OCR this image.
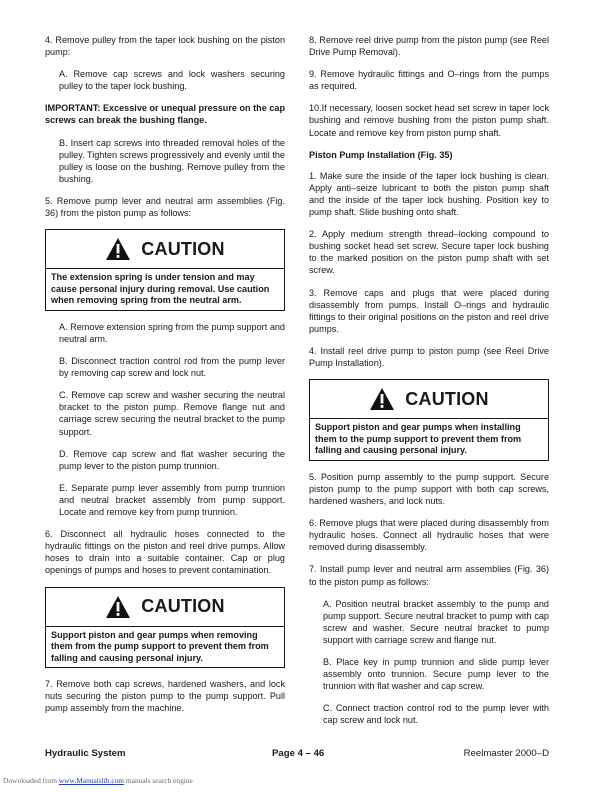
4. Remove pulley from the taper lock bushing on the piston pump:

A. Remove cap screws and lock washers securing pulley to the taper lock bushing.

IMPORTANT: Excessive or unequal pressure on the cap screws can break the bushing flange.

B. Insert cap screws into threaded removal holes of the pulley. Tighten screws progressively and evenly until the pulley is loose on the bushing. Remove pulley from the bushing.

5. Remove pump lever and neutral arm assemblies (Fig. 36) from the piston pump as follows:

CAUTION
The extension spring is under tension and may cause personal injury during removal. Use caution when removing spring from the neutral arm.

A. Remove extension spring from the pump support and neutral arm.

B. Disconnect traction control rod from the pump lever by removing cap screw and lock nut.

C. Remove cap screw and washer securing the neutral bracket to the piston pump. Remove flange nut and carriage screw securing the neutral bracket to the pump support.

D. Remove cap screw and flat washer securing the pump lever to the piston pump trunnion.

E. Separate pump lever assembly from pump trunnion and neutral bracket assembly from pump support. Locate and remove key from pump trunnion.

6. Disconnect all hydraulic hoses connected to the hydraulic fittings on the piston and reel drive pumps. Allow hoses to drain into a suitable container. Cap or plug openings of pumps and hoses to prevent contamination.

CAUTION
Support piston and gear pumps when removing them from the pump support to prevent them from falling and causing personal injury.

7. Remove both cap screws, hardened washers, and lock nuts securing the piston pump to the pump support. Pull pump assembly from the machine.

8. Remove reel drive pump from the piston pump (see Reel Drive Pump Removal).

9. Remove hydraulic fittings and O–rings from the pumps as required.

10.If necessary, loosen socket head set screw in taper lock bushing and remove bushing from the piston pump shaft. Locate and remove key from piston pump shaft.

Piston Pump Installation (Fig. 35)

1. Make sure the inside of the taper lock bushing is clean. Apply anti–seize lubricant to both the piston pump shaft and the inside of the taper lock bushing. Position key to pump shaft. Slide bushing onto shaft.

2. Apply medium strength thread–locking compound to bushing socket head set screw. Secure taper lock bushing to the marked position on the piston pump shaft with set screw.

3. Remove caps and plugs that were placed during disassembly from pumps. Install O–rings and hydraulic fittings to their original positions on the piston and reel drive pumps.

4. Install reel drive pump to piston pump (see Reel Drive Pump Installation).

CAUTION
Support piston and gear pumps when installing them to the pump support to prevent them from falling and causing personal injury.

5. Position pump assembly to the pump support. Secure piston pump to the pump support with both cap screws, hardened washers, and lock nuts.

6. Remove plugs that were placed during disassembly from hydraulic hoses. Connect all hydraulic hoses that were removed during disassembly.

7. Install pump lever and neutral arm assemblies (Fig. 36) to the piston pump as follows:

A. Position neutral bracket assembly to the pump and pump support. Secure neutral bracket to pump with cap screw and washer. Secure neutral bracket to pump support with carriage screw and flange nut.

B. Place key in pump trunnion and slide pump lever assembly onto trunnion. Secure pump lever to the trunnion with flat washer and cap screw.

C. Connect traction control rod to the pump lever with cap screw and lock nut.

Hydraulic System	Page 4 – 46	Reelmaster 2000–D
Downloaded from www.Manualslib.com manuals search engine
